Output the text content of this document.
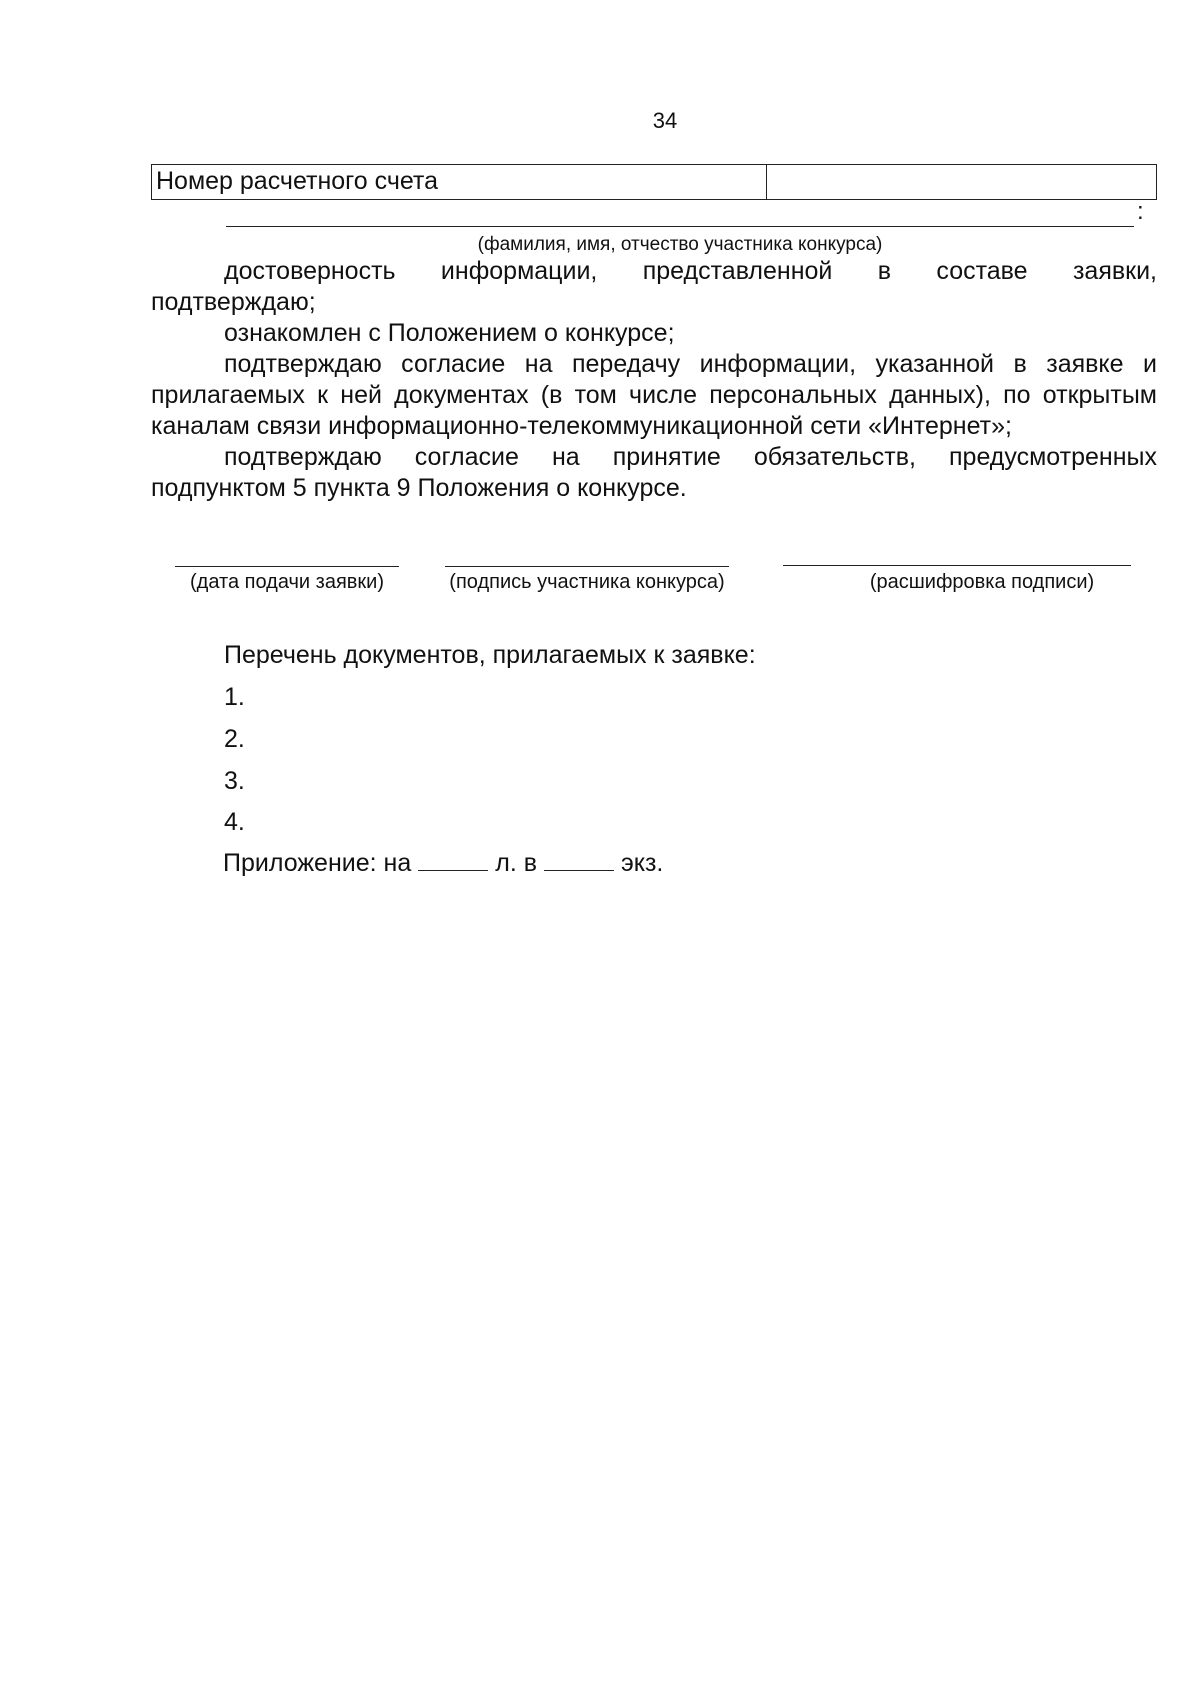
34
Номер расчетного счета
:
(фамилия, имя, отчество участника конкурса)
достоверность информации, представленной в составе заявки,
подтверждаю;
ознакомлен с Положением о конкурсе;
подтверждаю согласие на передачу информации, указанной в заявке и
прилагаемых к ней документах (в том числе персональных данных), по открытым
каналам связи информационно-телекоммуникационной сети «Интернет»;
подтверждаю согласие на принятие обязательств, предусмотренных
подпунктом 5 пункта 9 Положения о конкурсе.
(дата подачи заявки)	(подпись участника конкурса)	(расшифровка подписи)
Перечень документов, прилагаемых к заявке:
1.
2.
3.
4.
Приложение: на	л. в	экз.
